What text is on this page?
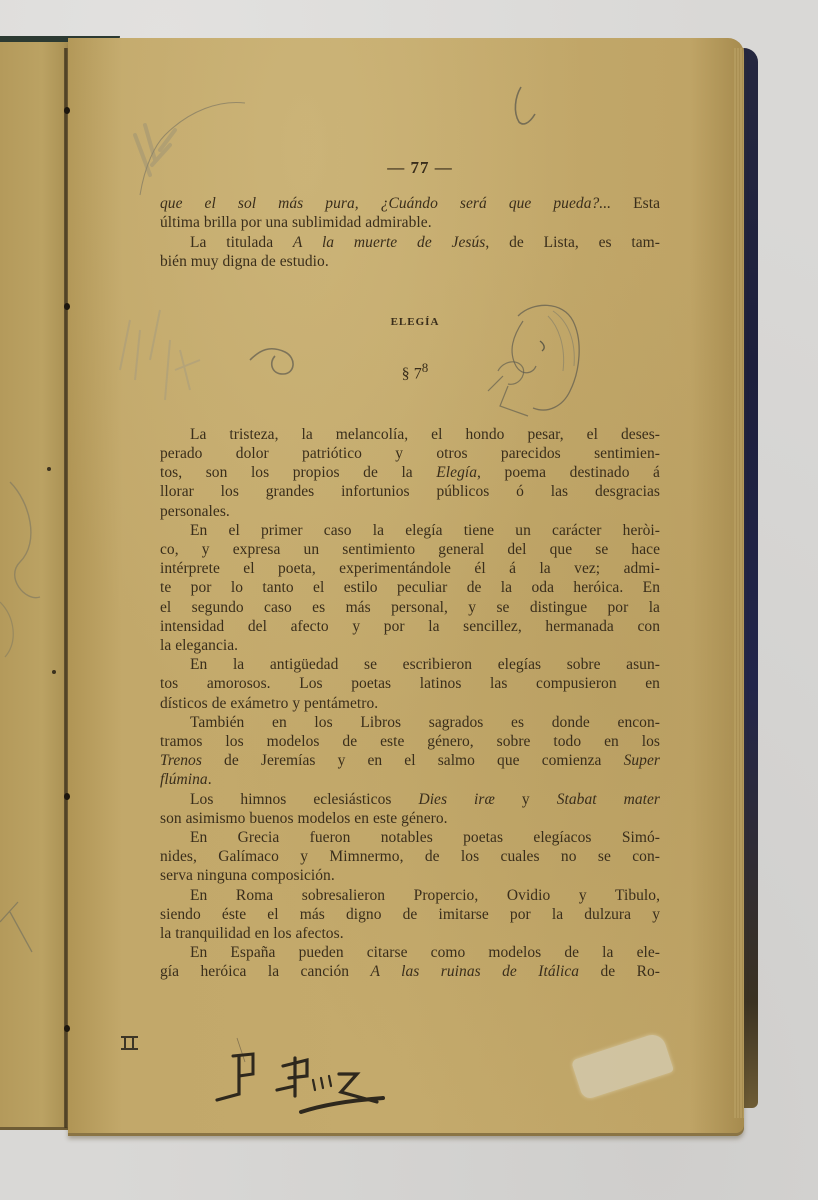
— 77 —
que el sol más pura, ¿Cuándo será que pueda?... Esta
última brilla por una sublimidad admirable.
La titulada A la muerte de Jesús, de Lista, es tam-
bién muy digna de estudio.
ELEGÍA
§ $7^8$
La tristeza, la melancolía, el hondo pesar, el deses-
perado dolor patriótico y otros parecidos sentimien-
tos, son los propios de la Elegía, poema destinado á
llorar los grandes infortunios públicos ó las desgracias
personales.
En el primer caso la elegía tiene un carácter heròi-
co, y expresa un sentimiento general del que se hace
intérprete el poeta, experimentándole él á la vez; admi-
te por lo tanto el estilo peculiar de la oda heróica. En
el segundo caso es más personal, y se distingue por la
intensidad del afecto y por la sencillez, hermanada con
la elegancia.
En la antigüedad se escribieron elegías sobre asun-
tos amorosos. Los poetas latinos las compusieron en
dísticos de exámetro y pentámetro.
También en los Libros sagrados es donde encon-
tramos los modelos de este género, sobre todo en los
Trenos de Jeremías y en el salmo que comienza Super
flúmina.
Los himnos eclesiásticos Dies iræ y Stabat mater
son asimismo buenos modelos en este género.
En Grecia fueron notables poetas elegíacos Simó-
nides, Galímaco y Mimnermo, de los cuales no se con-
serva ninguna composición.
En Roma sobresalieron Propercio, Ovidio y Tibulo,
siendo éste el más digno de imitarse por la dulzura y
la tranquilidad en los afectos.
En España pueden citarse como modelos de la ele-
gía heróica la canción A las ruinas de Itálica de Ro-
